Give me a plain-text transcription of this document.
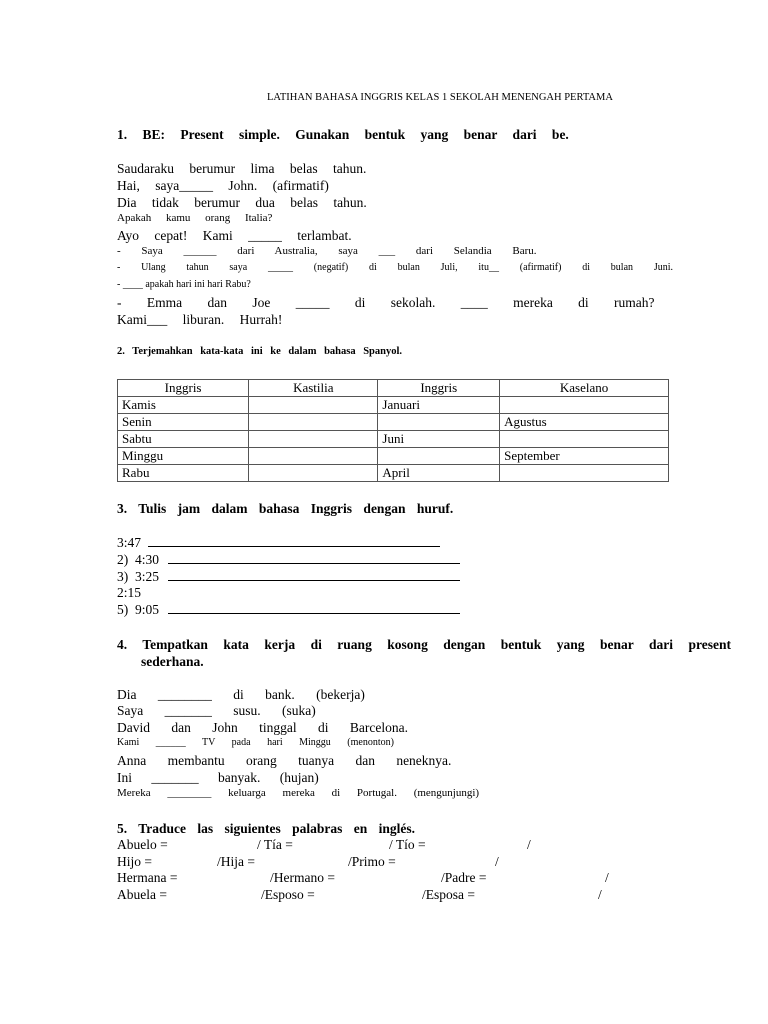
LATIHAN BAHASA INGGRIS KELAS 1 SEKOLAH MENENGAH PERTAMA
1. BE: Present simple. Gunakan bentuk yang benar dari be.
Saudaraku berumur lima belas tahun.
Hai, saya_____ John. (afirmatif)
Dia tidak berumur dua belas tahun.
Apakah kamu orang Italia?
Ayo cepat! Kami _____ terlambat.
- Saya ______ dari Australia, saya ___ dari Selandia Baru.
- Ulang tahun saya _____ (negatif) di bulan Juli, itu__ (afirmatif) di bulan Juni.
- ____ apakah hari ini hari Rabu?
- Emma dan Joe _____ di sekolah. ____ mereka di rumah?
Kami___ liburan. Hurrah!
2. Terjemahkan kata-kata ini ke dalam bahasa Spanyol.
Inggris	Kastilia	Inggris	Kaselano
Kamis		Januari	
Senin			Agustus
Sabtu		Juni	
Minggu			September
Rabu		April	
3. Tulis jam dalam bahasa Inggris dengan huruf.
3:47
2)  4:30
3)  3:25
2:15
5)  9:05
4. Tempatkan kata kerja di ruang kosong dengan bentuk yang benar dari present
sederhana.
Dia ________ di bank. (bekerja)
Saya _______ susu. (suka)
David dan John tinggal di Barcelona.
Kami ______ TV pada hari Minggu (menonton)
Anna membantu orang tuanya dan neneknya.
Ini _______ banyak. (hujan)
Mereka ________ keluarga mereka di Portugal. (mengunjungi)
5. Traduce las siguientes palabras en inglés.
Abuelo =	/ Tía =	/ Tío =	/
Hijo =	/Hija =	/Primo =	/
Hermana =	/Hermano =	/Padre =	/
Abuela =	/Esposo =	/Esposa =	/
